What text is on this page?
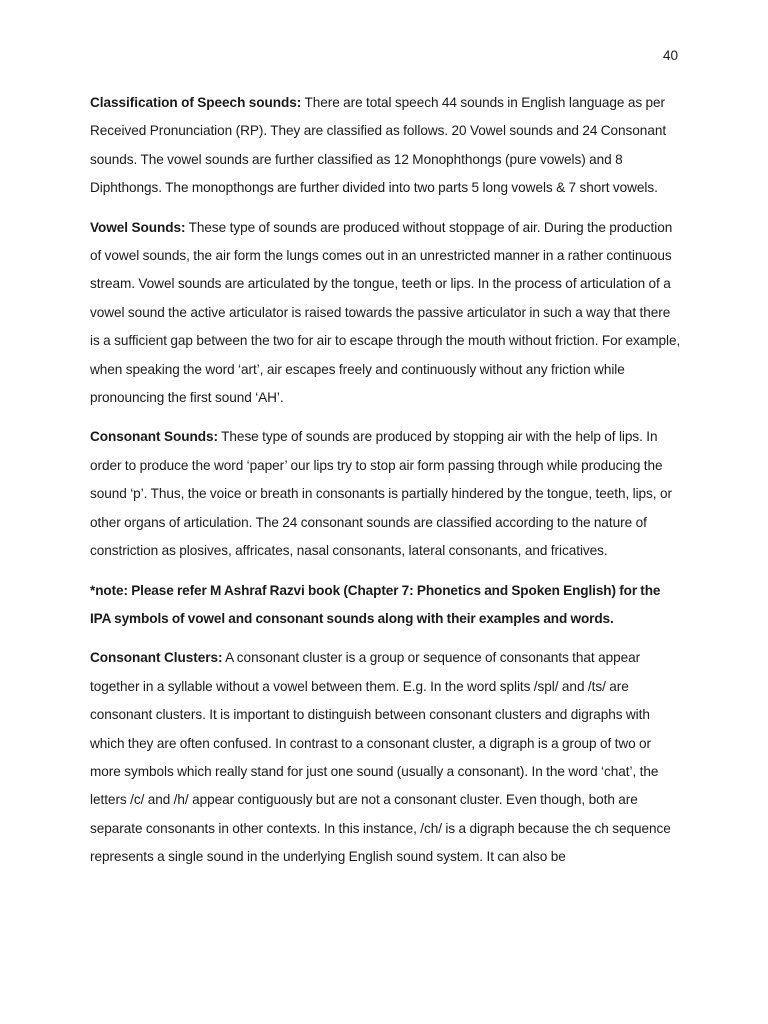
40

Classification of Speech sounds: There are total speech 44 sounds in English language as per Received Pronunciation (RP). They are classified as follows. 20 Vowel sounds and 24 Consonant sounds. The vowel sounds are further classified as 12 Monophthongs (pure vowels) and 8 Diphthongs. The monopthongs are further divided into two parts 5 long vowels & 7 short vowels.

Vowel Sounds: These type of sounds are produced without stoppage of air. During the production of vowel sounds, the air form the lungs comes out in an unrestricted manner in a rather continuous stream. Vowel sounds are articulated by the tongue, teeth or lips. In the process of articulation of a vowel sound the active articulator is raised towards the passive articulator in such a way that there is a sufficient gap between the two for air to escape through the mouth without friction. For example, when speaking the word ‘art’, air escapes freely and continuously without any friction while pronouncing the first sound ‘AH’.

Consonant Sounds: These type of sounds are produced by stopping air with the help of lips. In order to produce the word ‘paper’ our lips try to stop air form passing through while producing the sound ‘p’. Thus, the voice or breath in consonants is partially hindered by the tongue, teeth, lips, or other organs of articulation. The 24 consonant sounds are classified according to the nature of constriction as plosives, affricates, nasal consonants, lateral consonants, and fricatives.

*note: Please refer M Ashraf Razvi book (Chapter 7: Phonetics and Spoken English) for the IPA symbols of vowel and consonant sounds along with their examples and words.

Consonant Clusters: A consonant cluster is a group or sequence of consonants that appear together in a syllable without a vowel between them. E.g. In the word splits /spl/ and /ts/ are consonant clusters. It is important to distinguish between consonant clusters and digraphs with which they are often confused. In contrast to a consonant cluster, a digraph is a group of two or more symbols which really stand for just one sound (usually a consonant). In the word ‘chat’, the letters /c/ and /h/ appear contiguously but are not a consonant cluster. Even though, both are separate consonants in other contexts. In this instance, /ch/ is a digraph because the ch sequence represents a single sound in the underlying English sound system. It can also be
